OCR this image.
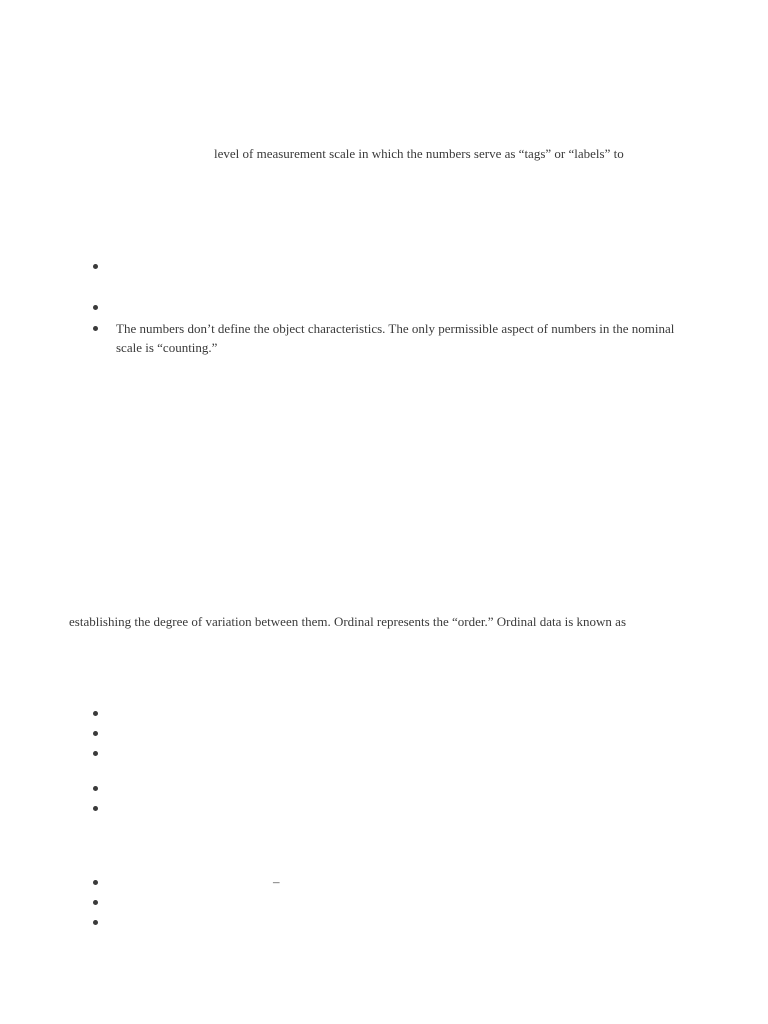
level of measurement scale in which the numbers serve as “tags” or “labels” to
The numbers don’t define the object characteristics. The only permissible aspect of numbers in the nominal scale is “counting.”
establishing the degree of variation between them. Ordinal represents the “order.” Ordinal data is known as
–
